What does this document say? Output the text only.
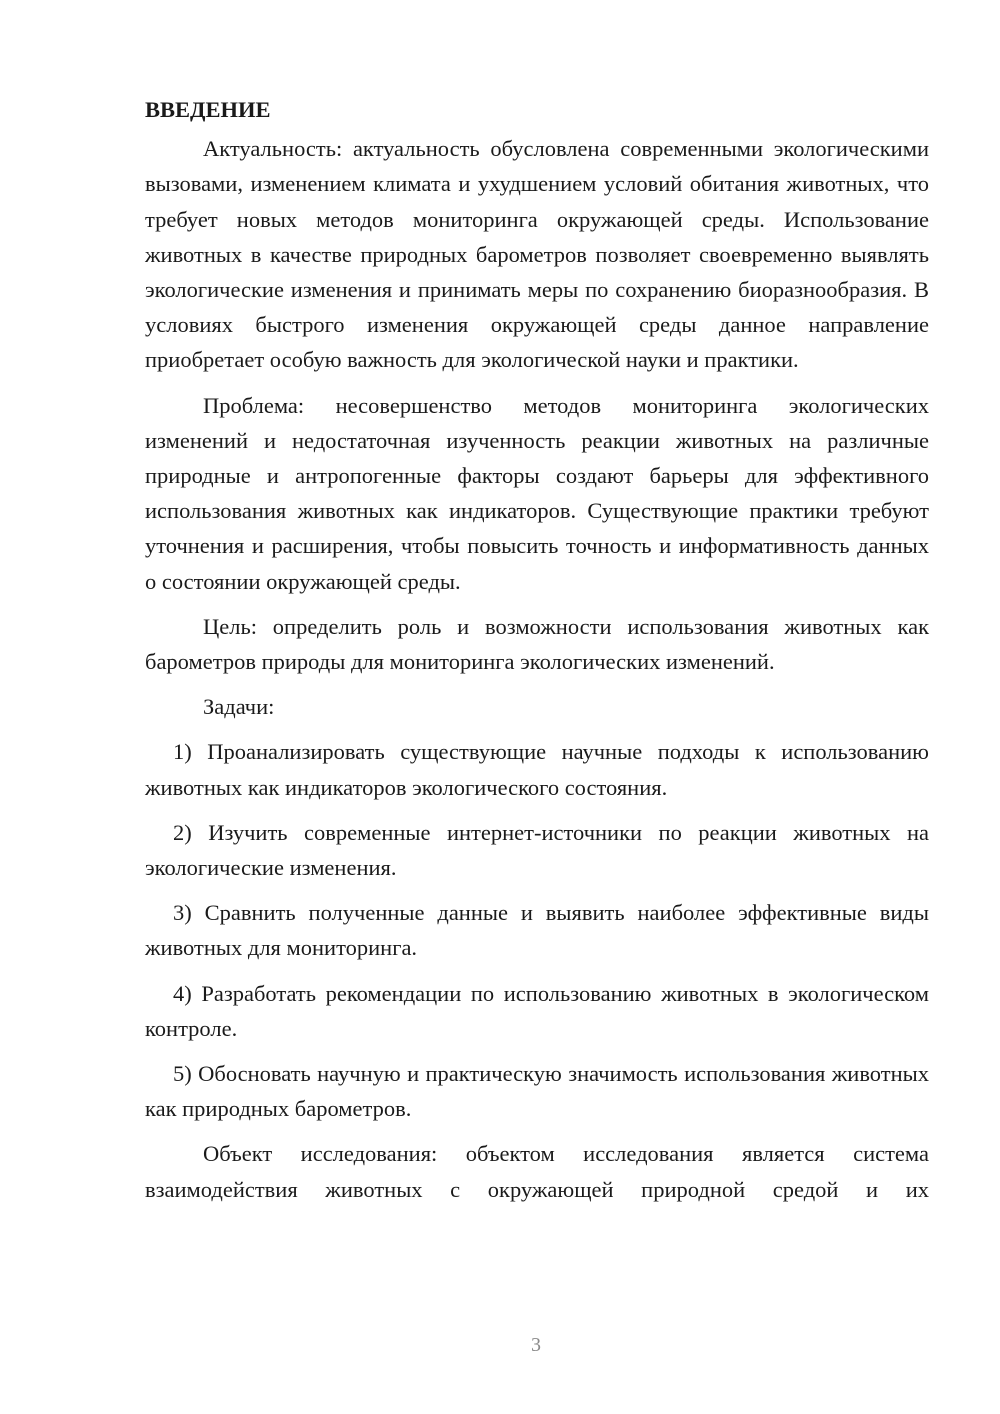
ВВЕДЕНИЕ

Актуальность: актуальность обусловлена современными экологическими вызовами, изменением климата и ухудшением условий обитания животных, что требует новых методов мониторинга окружающей среды. Использование животных в качестве природных барометров позволяет своевременно выявлять экологические изменения и принимать меры по сохранению биоразнообразия. В условиях быстрого изменения окружающей среды данное направление приобретает особую важность для экологической науки и практики.

Проблема: несовершенство методов мониторинга экологических изменений и недостаточная изученность реакции животных на различные природные и антропогенные факторы создают барьеры для эффективного использования животных как индикаторов. Существующие практики требуют уточнения и расширения, чтобы повысить точность и информативность данных о состоянии окружающей среды.

Цель: определить роль и возможности использования животных как барометров природы для мониторинга экологических изменений.

Задачи:

1) Проанализировать существующие научные подходы к использованию животных как индикаторов экологического состояния.

2) Изучить современные интернет-источники по реакции животных на экологические изменения.

3) Сравнить полученные данные и выявить наиболее эффективные виды животных для мониторинга.

4) Разработать рекомендации по использованию животных в экологическом контроле.

5) Обосновать научную и практическую значимость использования животных как природных барометров.

Объект исследования: объектом исследования является система взаимодействия животных с окружающей природной средой и их

3
